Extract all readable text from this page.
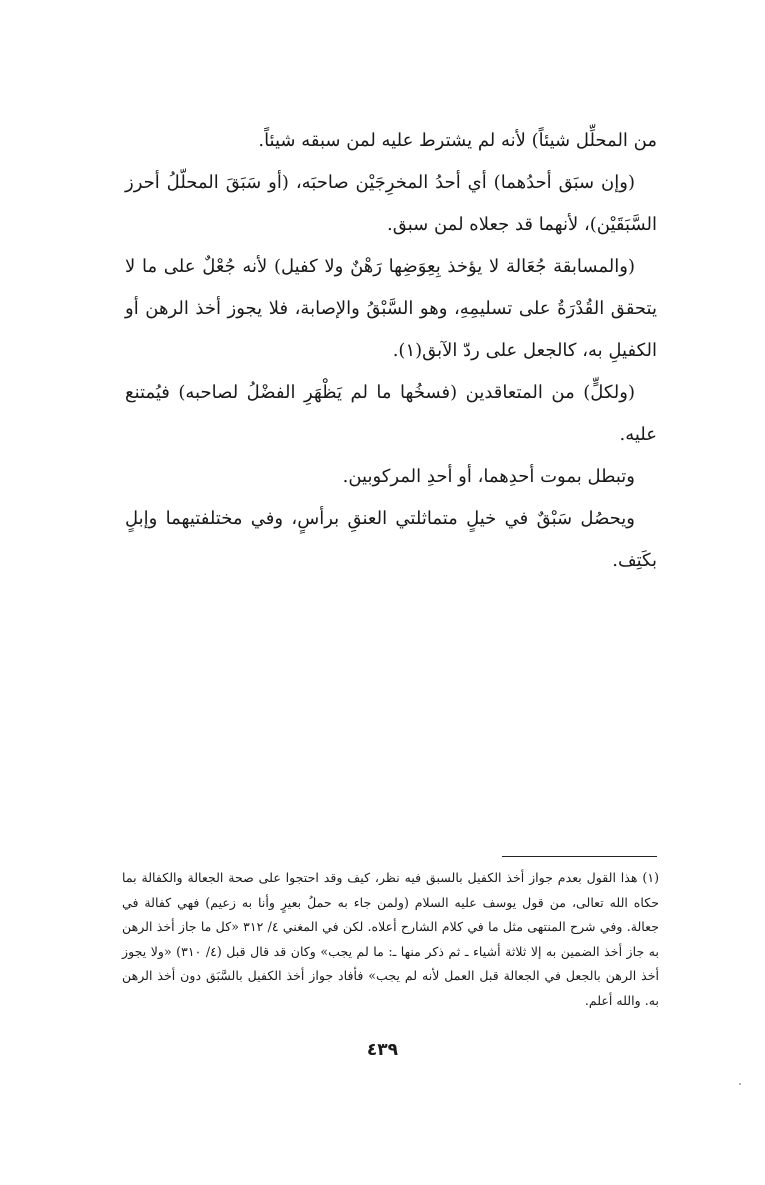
من المحلِّل شيئاً) لأنه لم يشترط عليه لمن سبقه شيئاً.

(وإن سبَق أحدُهما) أي أحدُ المخرِجَيْن صاحبَه، (أو سَبَقَ المحلّلُ أحرز السَّبَقَيْن)، لأنهما قد جعلاه لمن سبق.

(والمسابقة جُعَالة لا يؤخذ بِعِوَضِها رَهْنٌ ولا كفيل) لأنه جُعْلٌ على ما لا يتحقق القُدْرَةُ على تسليمِهِ، وهو السَّبْقُ والإصابة، فلا يجوز أخذ الرهن أو الكفيلِ به، كالجعل على ردّ الآبق(١).

(ولكلٍّ) من المتعاقدين (فسخُها ما لم يَظْهَرِ الفضْلُ لصاحبه) فيُمتنع عليه.

وتبطل بموت أحدِهما، أو أحدِ المركوبين.

ويحصُل سَبْقٌ في خيلٍ متماثلتي العنقِ برأسٍ، وفي مختلفتيهما وإبلٍ بكَتِف.

(١) هذا القول بعدم جواز أخذ الكفيل بالسبق فيه نظر، كيف وقد احتجوا على صحة الجعالة والكفالة بما حكاه الله تعالى، من قول يوسف عليه السلام (ولمن جاء به حملُ بعيرٍ وأنا به زعيم) فهي كفالة في جعالة. وفي شرح المنتهى مثل ما في كلام الشارح أعلاه. لكن في المغني ٤/ ٣١٢ «كل ما جاز أخذ الرهن به جاز أخذ الضمين به إلا ثلاثة أشياء ـ ثم ذكر منها ـ: ما لم يجب» وكان قد قال قبل (٤/ ٣١٠) «ولا يجوز أخذ الرهن بالجعل في الجعالة قبل العمل لأنه لم يجب» فأفاد جواز أخذ الكفيل بالسَّبَق دون أخذ الرهن به. والله أعلم.

٤٣٩
